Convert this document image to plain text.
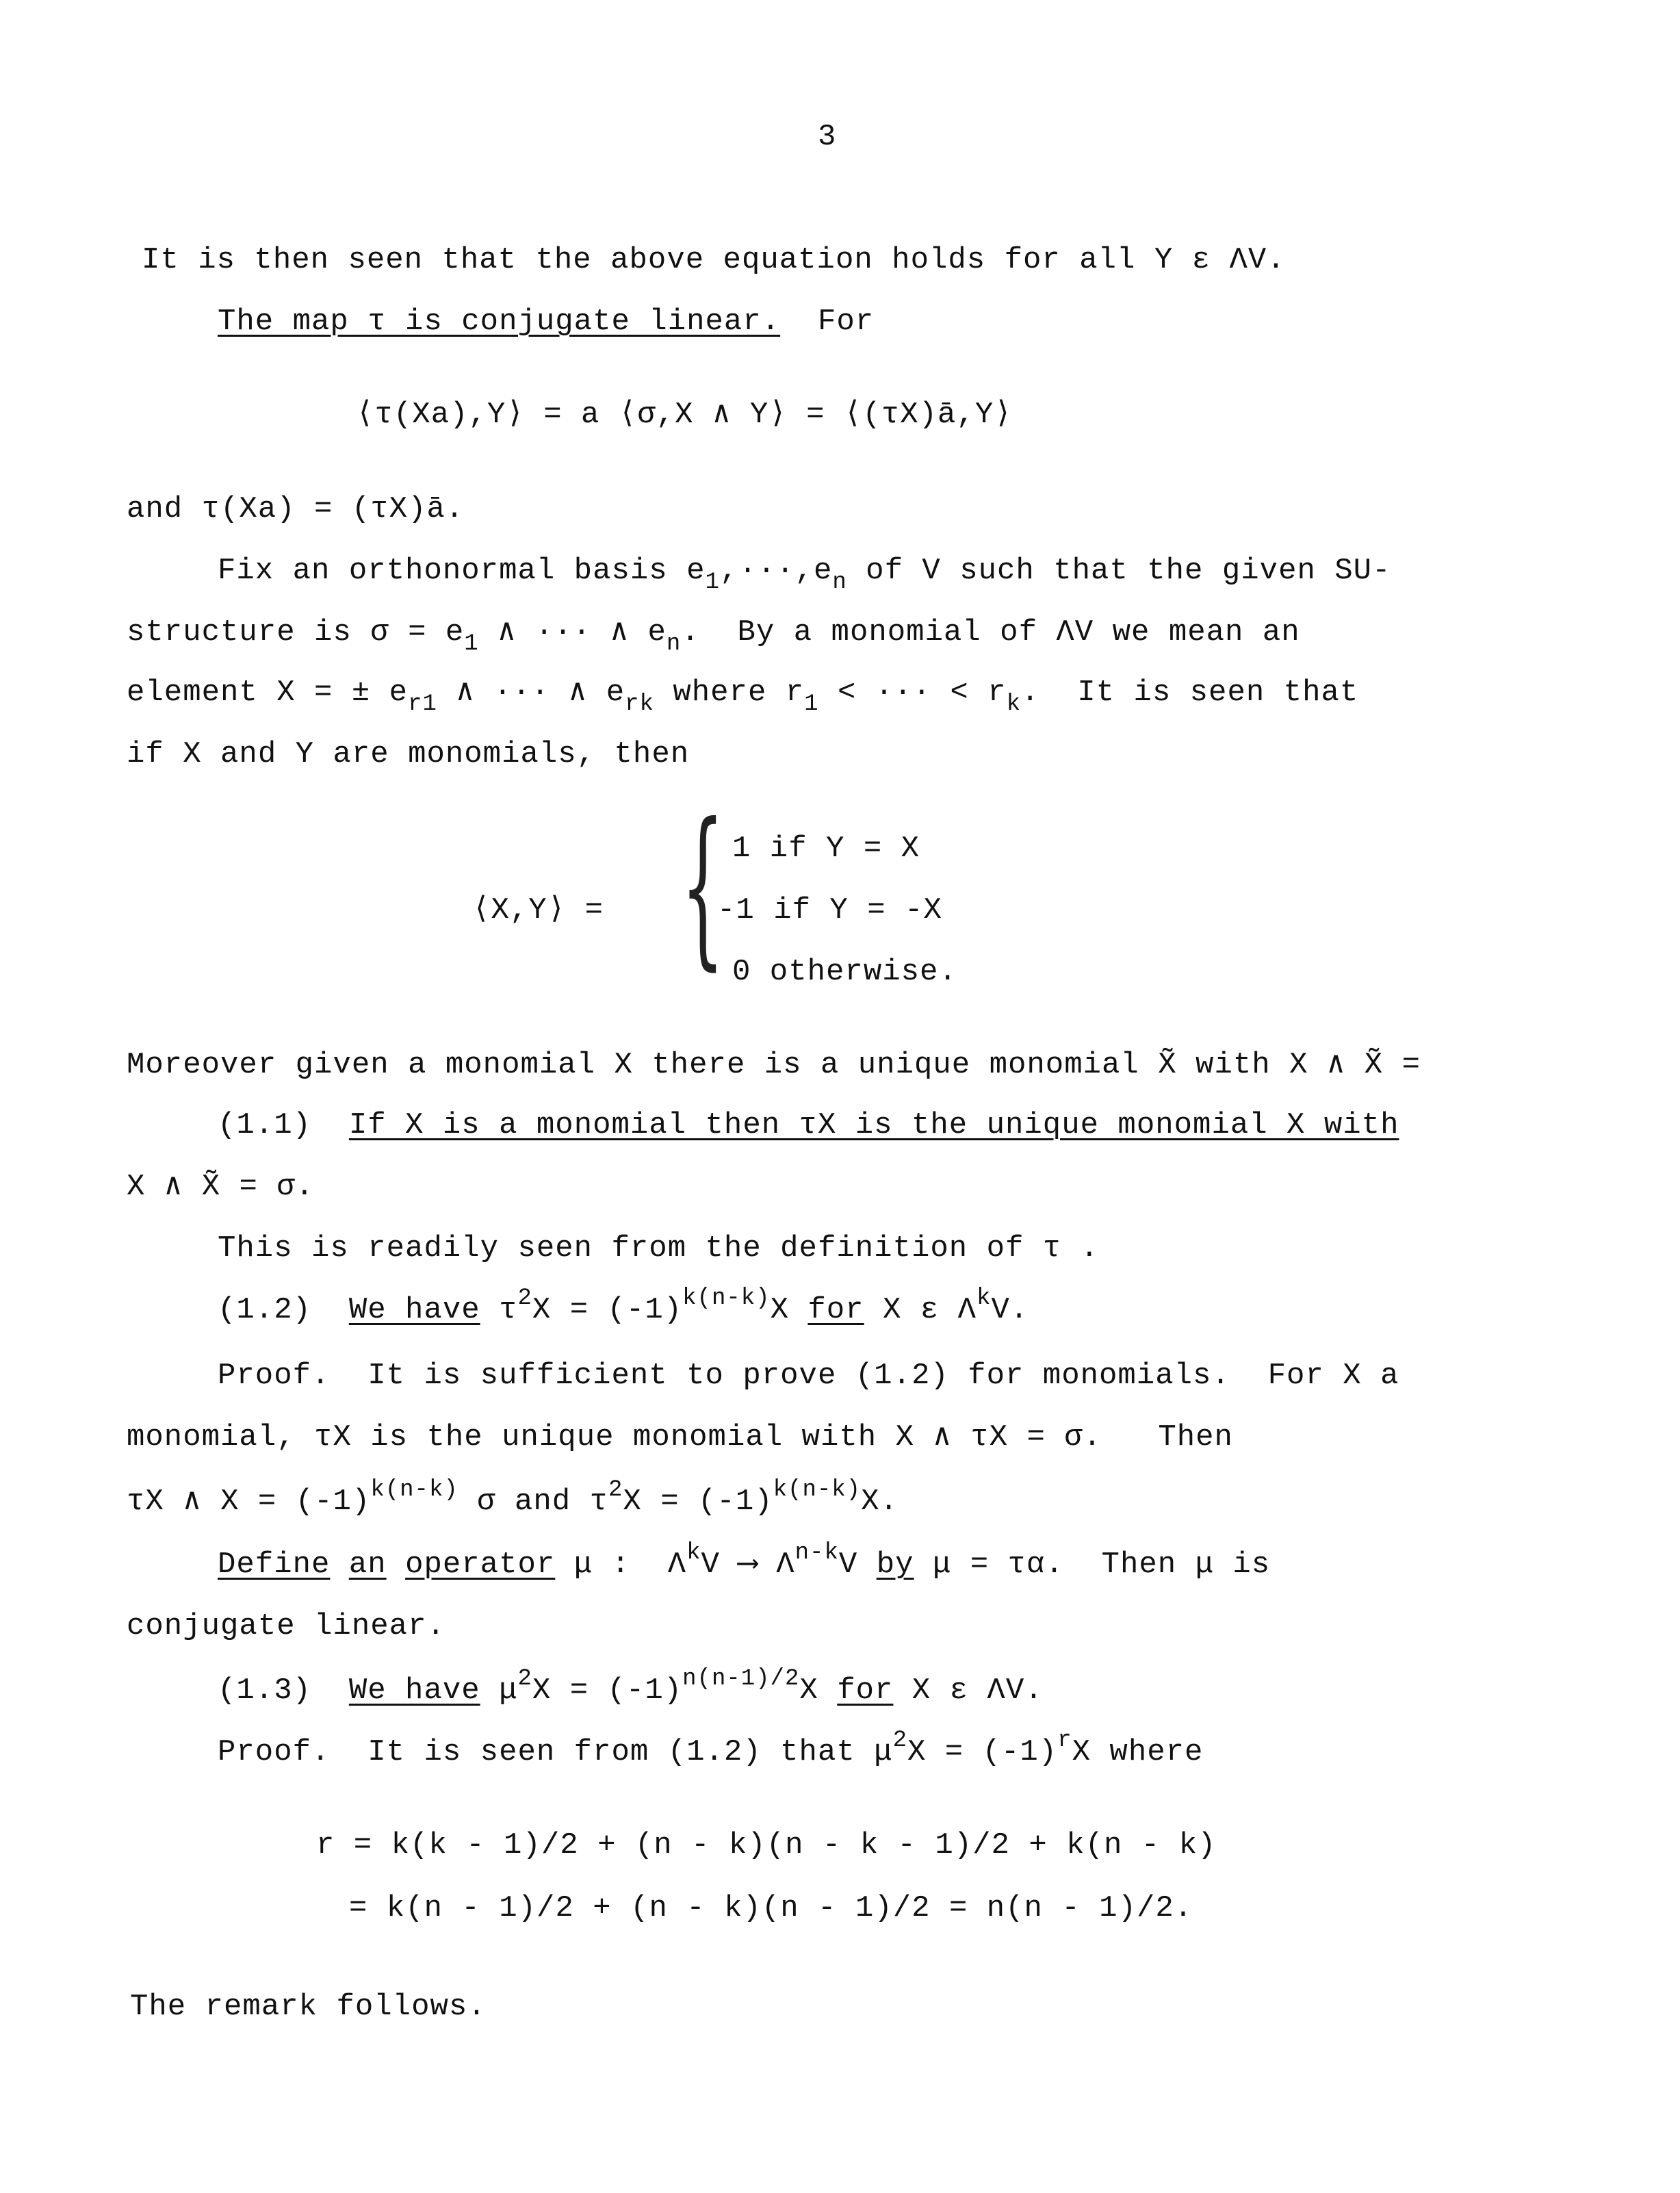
3
It is then seen that the above equation holds for all Y ε ΛV.
The map τ is conjugate linear.  For
⟨τ(Xa),Y⟩ = a ⟨σ,X ∧ Y⟩ = ⟨(τX)ā,Y⟩
and τ(Xa) = (τX)ā.
Fix an orthonormal basis $e_1,\cdot\cdot\cdot,e_n$ of V such that the given SU-
structure is $\sigma = e_1$ ∧ ··· ∧ $e_n$.  By a monomial of ΛV we mean an
element X = ± $e_{r1}$ ∧ ··· ∧ $e_{rk}$ where $r_1$ < ··· < $r_k$.  It is seen that
if X and Y are monomials, then
⟨X,Y⟩ = { 1 if Y = X
-1 if Y = -X
0 otherwise.
Moreover given a monomial X there is a unique monomial X̃ with X ∧ X̃ =
(1.1)  If X is a monomial then τX is the unique monomial X with
X ∧ X̃ = σ.
This is readily seen from the definition of τ .
(1.2)  We have $\tau^2X = (-1)^{k(n-k)}X$ for X ε $\Lambda^kV$.
Proof.  It is sufficient to prove (1.2) for monomials.  For X a
monomial, τX is the unique monomial with X ∧ τX = σ.   Then
τX ∧ $X = (-1)^{k(n-k)}$ σ and $\tau^2X = (-1)^{k(n-k)}X$.
Define an operator μ :  $\Lambda^kV$ ⟶ $\Lambda^{n-k}V$ by μ = τα.  Then μ is
conjugate linear.
(1.3)  We have $\mu^2X = (-1)^{n(n-1)/2}X$ for X ε ΛV.
Proof.  It is seen from (1.2) that $\mu^2X = (-1)^rX$ where
r = k(k - 1)/2 + (n - k)(n - k - 1)/2 + k(n - k)
= k(n - 1)/2 + (n - k)(n - 1)/2 = n(n - 1)/2.
The remark follows.
